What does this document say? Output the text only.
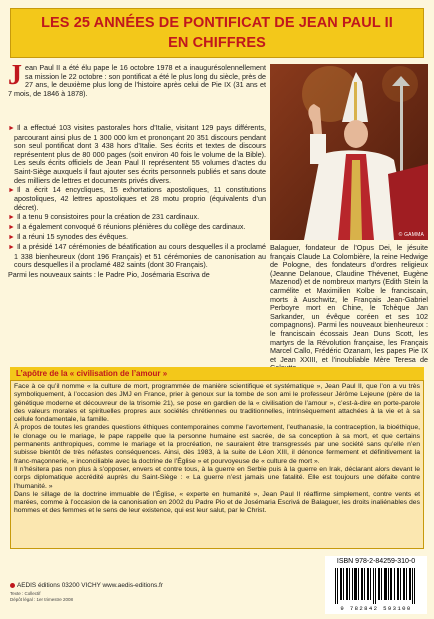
LES 25 ANNÉES DE PONTIFICAT DE JEAN PAUL II
EN CHIFFRES
Jean Paul II a été élu pape le 16 octobre 1978 et a inaugurésolennellement sa mission le 22 octobre : son pontificat a été le plus long du siècle, près de 27 ans, le deuxième plus long de l’histoire après celui de Pie IX (31 ans et 7 mois, de 1846 à 1878).

► Il a effectué 103 visites pastorales hors d’Italie, visitant 129 pays différents, parcourant ainsi plus de 1 300 000 km et prononçant 20 351 discours pendant son seul pontificat dont 3 438 hors d’Italie. Ses écrits et textes de discours représentent plus de 80 000 pages (soit environ 40 fois le volume de la Bible). Les seuls écrits officiels de Jean Paul II représentent 55 volumes d’actes du Saint-Siège auxquels il faut ajouter ses écrits personnels publiés et sans doute des milliers de lettres et documents privés divers.

► Il a écrit 14 encycliques, 15 exhortations apostoliques, 11 constitutions apostoliques, 42 lettres apostoliques et 28 motu proprio (équivalents d’un décret).

► Il a tenu 9 consistoires pour la création de 231 cardinaux.

► Il a également convoqué 6 réunions plénières du collège des cardinaux.

► Il a réuni 15 synodes des évêques.

► Il a présidé 147 cérémonies de béatification au cours desquelles il a proclamé 1 338 bienheureux (dont 196 Français) et 51 cérémonies de canonisation au cours desquelles il a proclamé 482 saints (dont 30 Français).

Parmi les nouveaux saints : le Padre Pio, Josémaria Escriva de

© GAMMA
Balaguer, fondateur de l’Opus Dei, le jésuite français Claude La Colombière, la reine Hedwige de Pologne, des fondateurs d’ordres religieux (Jeanne Delanoue, Claudine Thévenet, Eugène Mazenod) et de nombreux martyrs (Edith Stein la carmélite et Maximilien Kolbe le franciscain, morts à Auschwitz, le Français Jean-Gabriel Perboyre mort en Chine, le Tchèque Jan Sarkander, un évêque coréen et ses 102 compagnons). Parmi les nouveaux bienheureux : le franciscain écossais Jean Duns Scott, les martyrs de la Révolution française, les Français Marcel Callo, Frédéric Ozanam, les papes Pie IX et Jean XXIII, et l’inoubliable Mère Teresa de
L’apôtre de la « civilisation de l’amour »

Face à ce qu’il nomme « la culture de mort, programmée de manière scientifique et systématique », Jean Paul II, que l’on a vu très symboliquement, à l’occasion des JMJ en France, prier à genoux sur la tombe de son ami le professeur Jérôme Lejeune (père de la génétique moderne et découvreur de la trisomie 21), se pose en gardien de la « civilisation de l’amour », c’est-à-dire en porte-parole des valeurs morales et spirituelles propres aux sociétés chrétiennes ou traditionnelles, intrinsèquement attachées à la vie et à sa cellule fondamentale, la famille.

À propos de toutes les grandes questions éthiques contemporaines comme l’avortement, l’euthanasie, la contraception, la bioéthique, le clonage ou le mariage, le pape rappelle que la personne humaine est sacrée, de sa conception à sa mort, et que certains permanents anthropiques, comme le mariage et la procréation, ne sauraient être transgressés par une société sans qu’elle n’en subisse bientôt de très néfastes conséquences. Ainsi, dès 1983, à la suite de Léon XIII, il dénonce fermement et définitivement la franc-maçonnerie, « inconciliable avec la doctrine de l’Église » et pourvoyeuse de « culture de mort ».

Il n’hésitera pas non plus à s’opposer, envers et contre tous, à la guerre en Serbie puis à la guerre en Irak, déclarant alors devant le corps diplomatique accrédité auprès du Saint-Siège : « La guerre n’est jamais une fatalité. Elle est toujours une défaite contre l’humanité. »

Dans le sillage de la doctrine immuable de l’Église, « experte en humanité », Jean Paul II réaffirme simplement, contre vents et marées, comme à l’occasion de la canonisation en 2002 du Padre Pio et de Josémaria Escrivá de Balaguer, les droits inaliénables des hommes et des femmes et le sens de leur existence, qui est leur salut, par le Christ.

AEDIS éditions 03200 VICHY www.aedis-editions.fr
Texte : Collectif
Dépôt légal : 1er trimestre 2008
ISBN 978-2-84259-310-0
9 782842 593100
